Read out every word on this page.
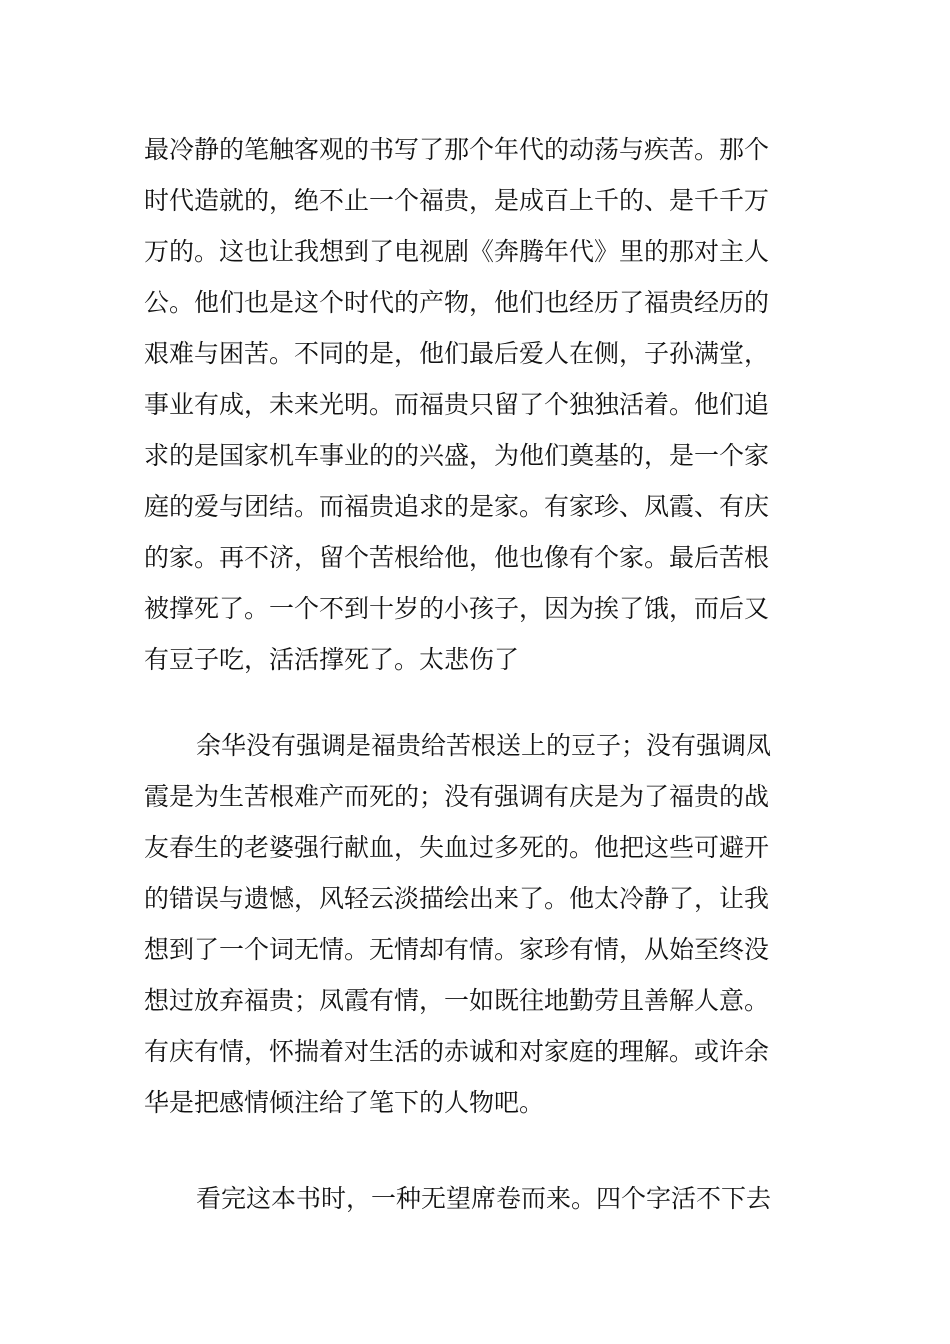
最冷静的笔触客观的书写了那个年代的动荡与疾苦。那个
时代造就的，绝不止一个福贵，是成百上千的、是千千万
万的。这也让我想到了电视剧《奔腾年代》里的那对主人
公。他们也是这个时代的产物，他们也经历了福贵经历的
艰难与困苦。不同的是，他们最后爱人在侧，子孙满堂，
事业有成，未来光明。而福贵只留了个独独活着。他们追
求的是国家机车事业的的兴盛，为他们奠基的，是一个家
庭的爱与团结。而福贵追求的是家。有家珍、凤霞、有庆
的家。再不济，留个苦根给他，他也像有个家。最后苦根
被撑死了。一个不到十岁的小孩子，因为挨了饿，而后又
有豆子吃，活活撑死了。太悲伤了
余华没有强调是福贵给苦根送上的豆子；没有强调凤
霞是为生苦根难产而死的；没有强调有庆是为了福贵的战
友春生的老婆强行献血，失血过多死的。他把这些可避开
的错误与遗憾，风轻云淡描绘出来了。他太冷静了，让我
想到了一个词无情。无情却有情。家珍有情，从始至终没
想过放弃福贵；凤霞有情，一如既往地勤劳且善解人意。
有庆有情，怀揣着对生活的赤诚和对家庭的理解。或许余
华是把感情倾注给了笔下的人物吧。
看完这本书时，一种无望席卷而来。四个字活不下去
